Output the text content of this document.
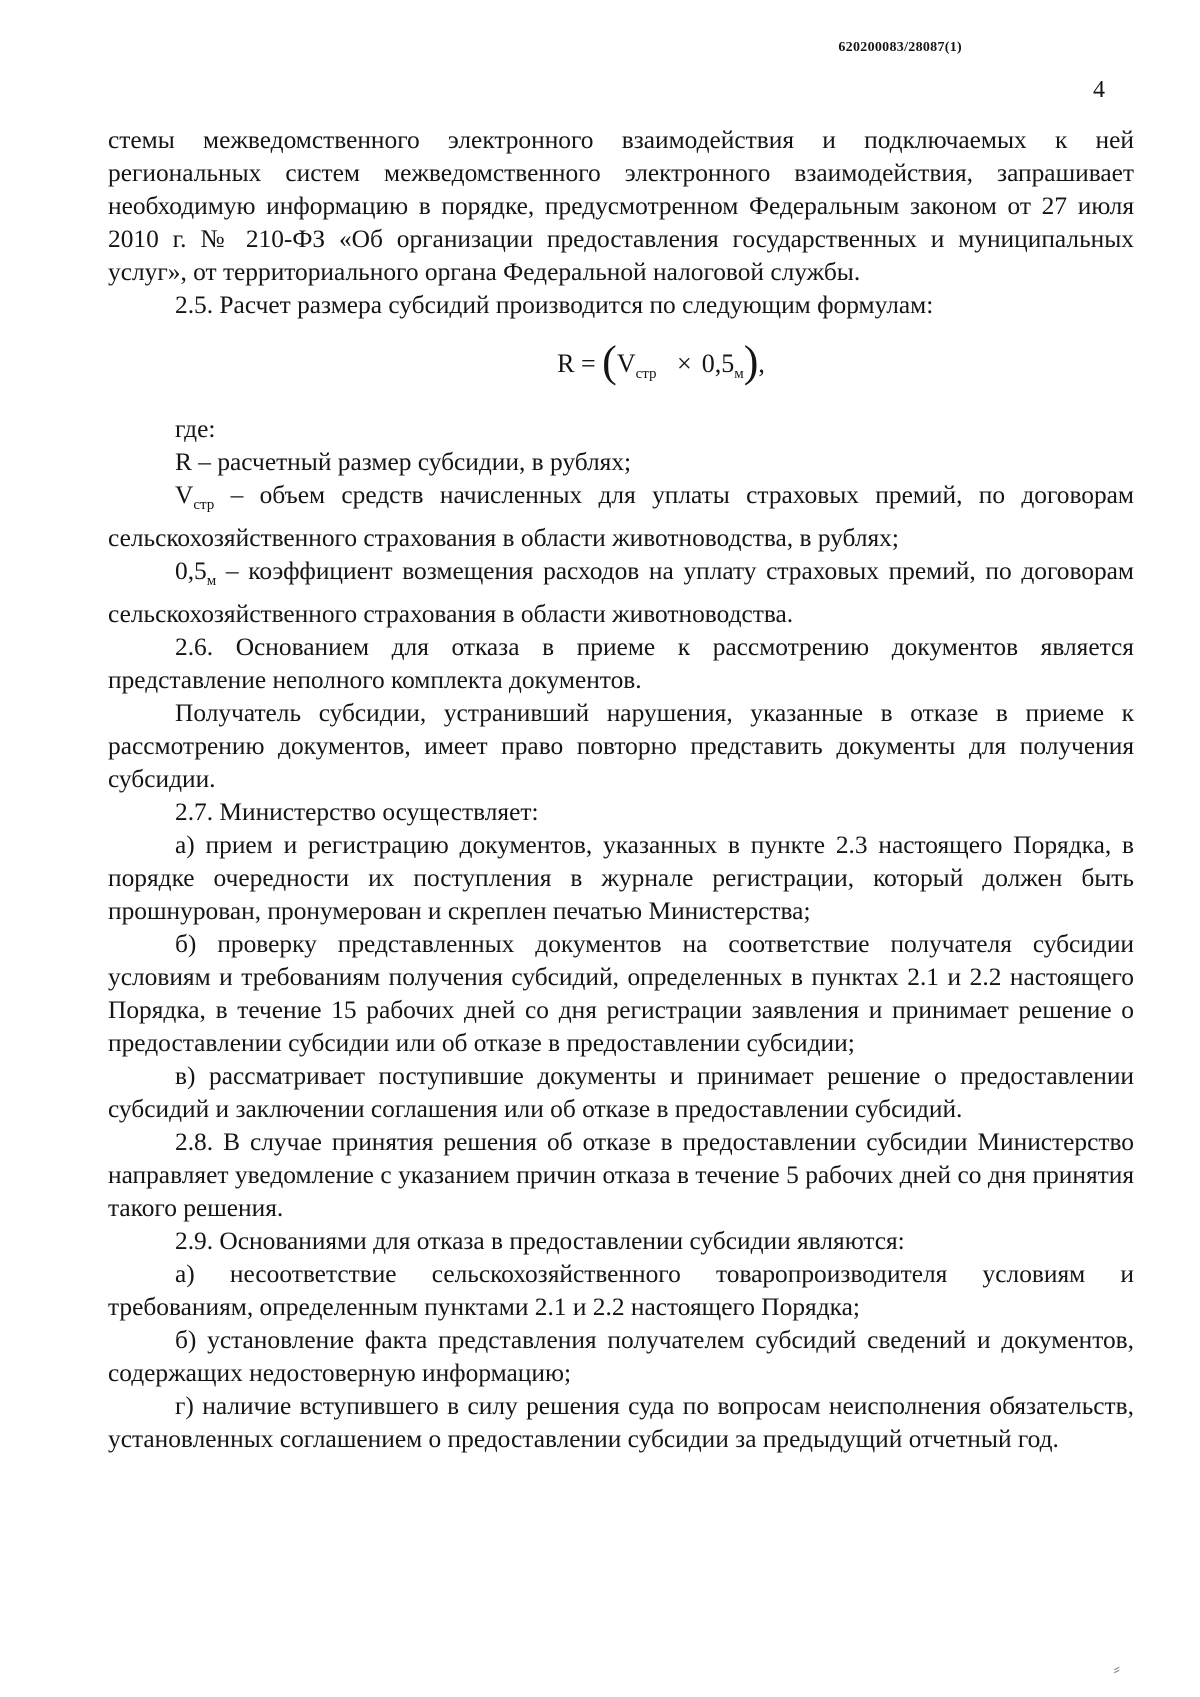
620200083/28087(1)
4

стемы межведомственного электронного взаимодействия и подключаемых к ней региональных систем межведомственного электронного взаимодействия, запрашивает необходимую информацию в порядке, предусмотренном Федеральным законом от 27 июля 2010 г. № 210-ФЗ «Об организации предоставления государственных и муниципальных услуг», от территориального органа Федеральной налоговой службы.

2.5. Расчет размера субсидий производится по следующим формулам:

$R = (V_{стр} \times 0,5_м)$,

где:

R – расчетный размер субсидии, в рублях;

$V_{стр}$ – объем средств начисленных для уплаты страховых премий, по договорам сельскохозяйственного страхования в области животноводства, в рублях;

$0,5_м$ – коэффициент возмещения расходов на уплату страховых премий, по договорам сельскохозяйственного страхования в области животноводства.

2.6. Основанием для отказа в приеме к рассмотрению документов является представление неполного комплекта документов.

Получатель субсидии, устранивший нарушения, указанные в отказе в приеме к рассмотрению документов, имеет право повторно представить документы для получения субсидии.

2.7. Министерство осуществляет:

а) прием и регистрацию документов, указанных в пункте 2.3 настоящего Порядка, в порядке очередности их поступления в журнале регистрации, который должен быть прошнурован, пронумерован и скреплен печатью Министерства;

б) проверку представленных документов на соответствие получателя субсидии условиям и требованиям получения субсидий, определенных в пунктах 2.1 и 2.2 настоящего Порядка, в течение 15 рабочих дней со дня регистрации заявления и принимает решение о предоставлении субсидии или об отказе в предоставлении субсидии;

в) рассматривает поступившие документы и принимает решение о предоставлении субсидий и заключении соглашения или об отказе в предоставлении субсидий.

2.8. В случае принятия решения об отказе в предоставлении субсидии Министерство направляет уведомление с указанием причин отказа в течение 5 рабочих дней со дня принятия такого решения.

2.9. Основаниями для отказа в предоставлении субсидии являются:

а) несоответствие сельскохозяйственного товаропроизводителя условиям и требованиям, определенным пунктами 2.1 и 2.2 настоящего Порядка;

б) установление факта представления получателем субсидий сведений и документов, содержащих недостоверную информацию;

г) наличие вступившего в силу решения суда по вопросам неисполнения обязательств, установленных соглашением о предоставлении субсидии за предыдущий отчетный год.

⸗
